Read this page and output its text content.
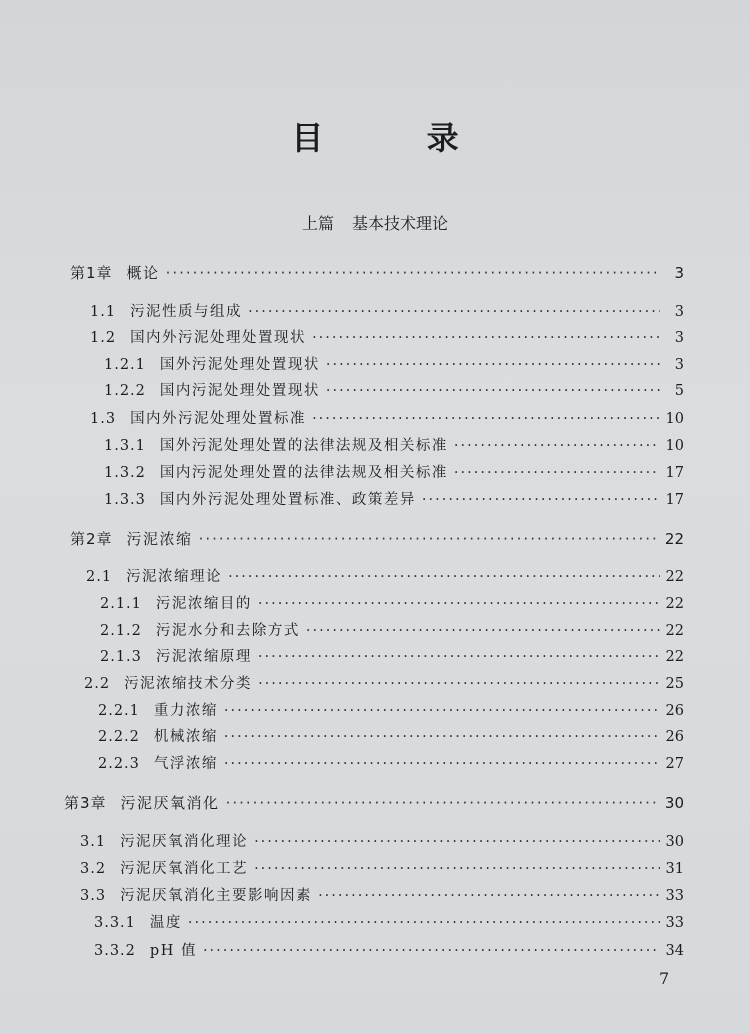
目 录
上篇 基本技术理论
第1章 概论 ·····	3
1.1 污泥性质与组成 ·····	3
1.2 国内外污泥处理处置现状 ·····	3
1.2.1 国外污泥处理处置现状 ·····	3
1.2.2 国内污泥处理处置现状 ·····	5
1.3 国内外污泥处理处置标准 ·····	10
1.3.1 国外污泥处理处置的法律法规及相关标准 ·····	10
1.3.2 国内污泥处理处置的法律法规及相关标准 ·····	17
1.3.3 国内外污泥处理处置标准、政策差异 ·····	17
第2章 污泥浓缩 ·····	22
2.1 污泥浓缩理论 ·····	22
2.1.1 污泥浓缩目的 ·····	22
2.1.2 污泥水分和去除方式 ·····	22
2.1.3 污泥浓缩原理 ·····	22
2.2 污泥浓缩技术分类 ·····	25
2.2.1 重力浓缩 ·····	26
2.2.2 机械浓缩 ·····	26
2.2.3 气浮浓缩 ·····	27
第3章 污泥厌氧消化 ·····	30
3.1 污泥厌氧消化理论 ·····	30
3.2 污泥厌氧消化工艺 ·····	31
3.3 污泥厌氧消化主要影响因素 ·····	33
3.3.1 温度 ·····	33
3.3.2 pH 值 ·····	34
7
